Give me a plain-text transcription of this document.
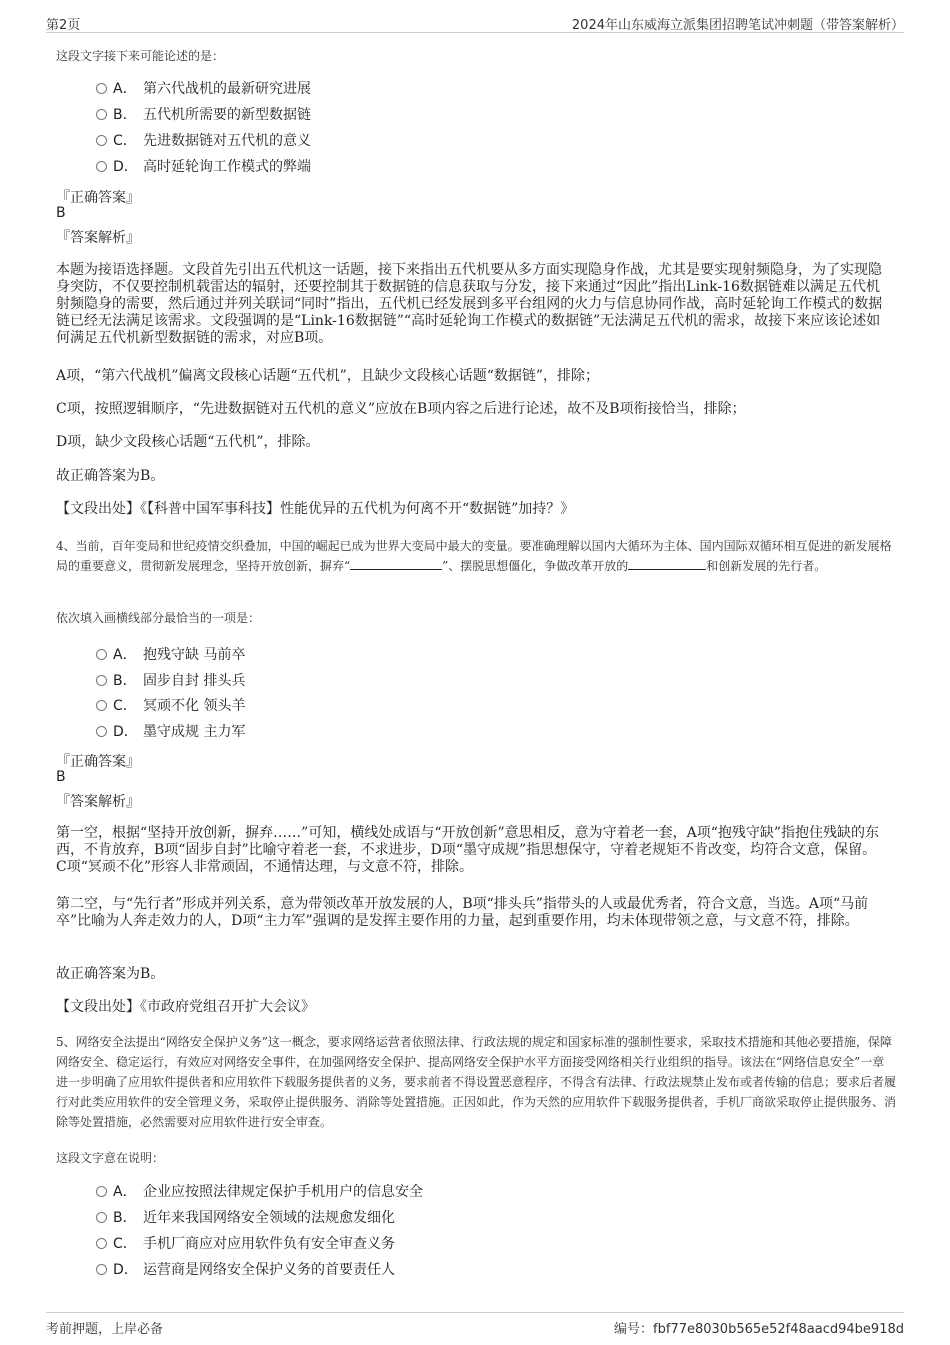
第2页	2024年山东威海立派集团招聘笔试冲刺题（带答案解析）
这段文字接下来可能论述的是：
A． 第六代战机的最新研究进展
B． 五代机所需要的新型数据链
C． 先进数据链对五代机的意义
D． 高时延轮询工作模式的弊端
『正确答案』
B
『答案解析』
本题为接语选择题。文段首先引出五代机这一话题，接下来指出五代机要从多方面实现隐身作战，尤其是要实现射频隐身，为了实现隐身突防，不仅要控制机载雷达的辐射，还要控制其于数据链的信息获取与分发，接下来通过“因此”指出Link-16数据链难以满足五代机射频隐身的需要，然后通过并列关联词“同时”指出，五代机已经发展到多平台组网的火力与信息协同作战，高时延轮询工作模式的数据链已经无法满足该需求。文段强调的是“Link-16数据链”“高时延轮询工作模式的数据链”无法满足五代机的需求，故接下来应该论述如何满足五代机新型数据链的需求，对应B项。
A项，“第六代战机”偏离文段核心话题“五代机”，且缺少文段核心话题“数据链”，排除；
C项，按照逻辑顺序，“先进数据链对五代机的意义”应放在B项内容之后进行论述，故不及B项衔接恰当，排除；
D项，缺少文段核心话题“五代机”，排除。
故正确答案为B。
【文段出处】《【科普中国军事科技】性能优异的五代机为何离不开“数据链”加持？》
4、当前，百年变局和世纪疫情交织叠加，中国的崛起已成为世界大变局中最大的变量。要准确理解以国内大循环为主体、国内国际双循环相互促进的新发展格局的重要意义，贯彻新发展理念，坚持开放创新，摒弃“	”、摆脱思想僵化，争做改革开放的	和创新发展的先行者。
依次填入画横线部分最恰当的一项是：
A． 抱残守缺 马前卒
B． 固步自封 排头兵
C． 冥顽不化 领头羊
D． 墨守成规 主力军
『正确答案』
B
『答案解析』
第一空，根据“坚持开放创新，摒弃……”可知，横线处成语与“开放创新”意思相反，意为守着老一套，A项“抱残守缺”指抱住残缺的东西，不肯放弃，B项“固步自封”比喻守着老一套，不求进步，D项“墨守成规”指思想保守，守着老规矩不肯改变，均符合文意，保留。C项“冥顽不化”形容人非常顽固，不通情达理，与文意不符，排除。
第二空，与“先行者”形成并列关系，意为带领改革开放发展的人，B项“排头兵”指带头的人或最优秀者，符合文意，当选。A项“马前卒”比喻为人奔走效力的人，D项“主力军”强调的是发挥主要作用的力量，起到重要作用，均未体现带领之意，与文意不符，排除。
故正确答案为B。
【文段出处】《市政府党组召开扩大会议》
5、网络安全法提出“网络安全保护义务”这一概念，要求网络运营者依照法律、行政法规的规定和国家标准的强制性要求，采取技术措施和其他必要措施，保障网络安全、稳定运行，有效应对网络安全事件，在加强网络安全保护、提高网络安全保护水平方面接受网络相关行业组织的指导。该法在“网络信息安全”一章进一步明确了应用软件提供者和应用软件下载服务提供者的义务，要求前者不得设置恶意程序，不得含有法律、行政法规禁止发布或者传输的信息；要求后者履行对此类应用软件的安全管理义务，采取停止提供服务、消除等处置措施。正因如此，作为天然的应用软件下载服务提供者，手机厂商欲采取停止提供服务、消除等处置措施，必然需要对应用软件进行安全审查。
这段文字意在说明：
A． 企业应按照法律规定保护手机用户的信息安全
B． 近年来我国网络安全领域的法规愈发细化
C． 手机厂商应对应用软件负有安全审查义务
D． 运营商是网络安全保护义务的首要责任人
考前押题，上岸必备	编号：fbf77e8030b565e52f48aacd94be918d
